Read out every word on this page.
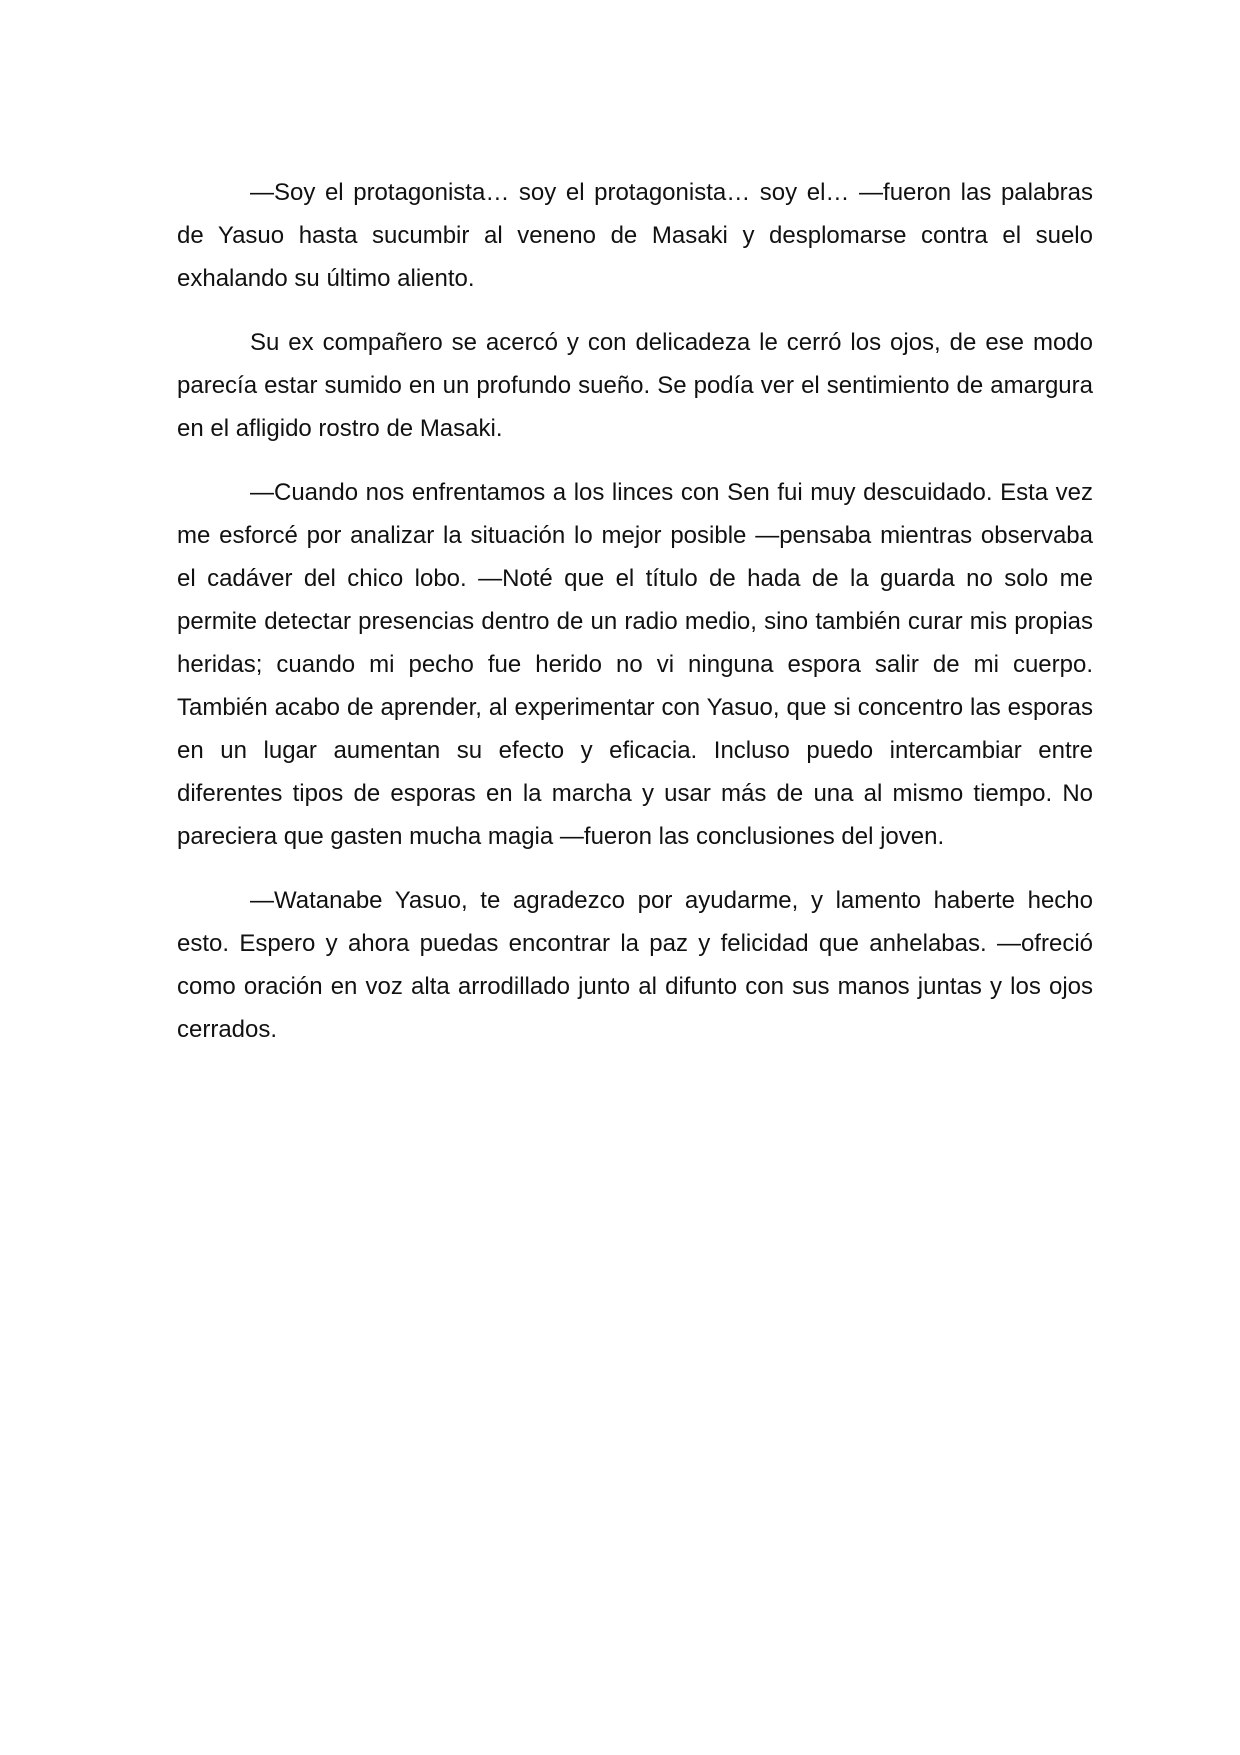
—Soy el protagonista… soy el protagonista… soy el… —fueron las palabras de Yasuo hasta sucumbir al veneno de Masaki y desplomarse contra el suelo exhalando su último aliento.

Su ex compañero se acercó y con delicadeza le cerró los ojos, de ese modo parecía estar sumido en un profundo sueño. Se podía ver el sentimiento de amargura en el afligido rostro de Masaki.

—Cuando nos enfrentamos a los linces con Sen fui muy descuidado. Esta vez me esforcé por analizar la situación lo mejor posible —pensaba mientras observaba el cadáver del chico lobo. —Noté que el título de hada de la guarda no solo me permite detectar presencias dentro de un radio medio, sino también curar mis propias heridas; cuando mi pecho fue herido no vi ninguna espora salir de mi cuerpo. También acabo de aprender, al experimentar con Yasuo, que si concentro las esporas en un lugar aumentan su efecto y eficacia. Incluso puedo intercambiar entre diferentes tipos de esporas en la marcha y usar más de una al mismo tiempo. No pareciera que gasten mucha magia —fueron las conclusiones del joven.

—Watanabe Yasuo, te agradezco por ayudarme, y lamento haberte hecho esto. Espero y ahora puedas encontrar la paz y felicidad que anhelabas. —ofreció como oración en voz alta arrodillado junto al difunto con sus manos juntas y los ojos cerrados.
